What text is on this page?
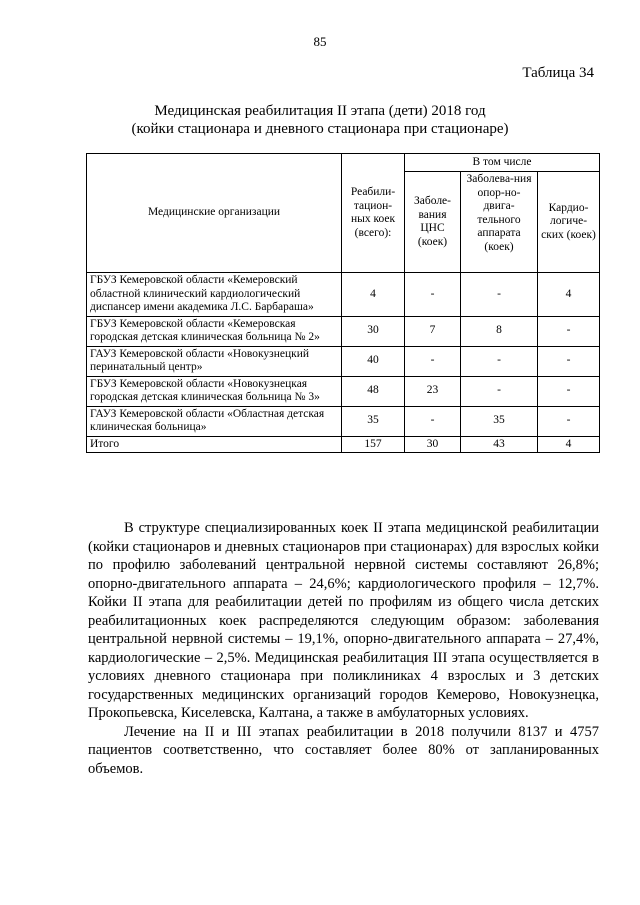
85
Таблица 34
Медицинская реабилитация II этапа (дети) 2018 год
(койки стационара и дневного стационара при стационаре)
Медицинские организации	Реабили-тацион-ных коек (всего):	В том числе		
		Заболе-вания ЦНС (коек)	Заболева-ния опор-но-двига-тельного аппарата (коек)	Кардио-логиче-ских (коек)
ГБУЗ Кемеровской области «Кемеровский областной клинический кардиологический диспансер имени академика Л.С. Барбараша»	4	-	-	4
ГБУЗ Кемеровской области «Кемеровская городская детская клиническая больница № 2»	30	7	8	-
ГАУЗ Кемеровской области «Новокузнецкий перинатальный центр»	40	-	-	-
ГБУЗ Кемеровской области «Новокузнецкая городская детская клиническая больница № 3»	48	23	-	-
ГАУЗ Кемеровской области «Областная детская клиническая больница»	35	-	35	-
Итого	157	30	43	4

В структуре специализированных коек II этапа медицинской реабилитации (койки стационаров и дневных стационаров при стационарах) для взрослых койки по профилю заболеваний центральной нервной системы составляют 26,8%; опорно-двигательного аппарата – 24,6%; кардиологического профиля – 12,7%. Койки II этапа для реабилитации детей по профилям из общего числа детских реабилитационных коек распределяются следующим образом: заболевания центральной нервной системы – 19,1%, опорно-двигательного аппарата – 27,4%, кардиологические – 2,5%. Медицинская реабилитация III этапа осуществляется в условиях дневного стационара при поликлиниках 4 взрослых и 3 детских государственных медицинских организаций городов Кемерово, Новокузнецка, Прокопьевска, Киселевска, Калтана, а также в амбулаторных условиях.

Лечение на II и III этапах реабилитации в 2018 получили 8137 и 4757 пациентов соответственно, что составляет более 80% от запланированных объемов.
